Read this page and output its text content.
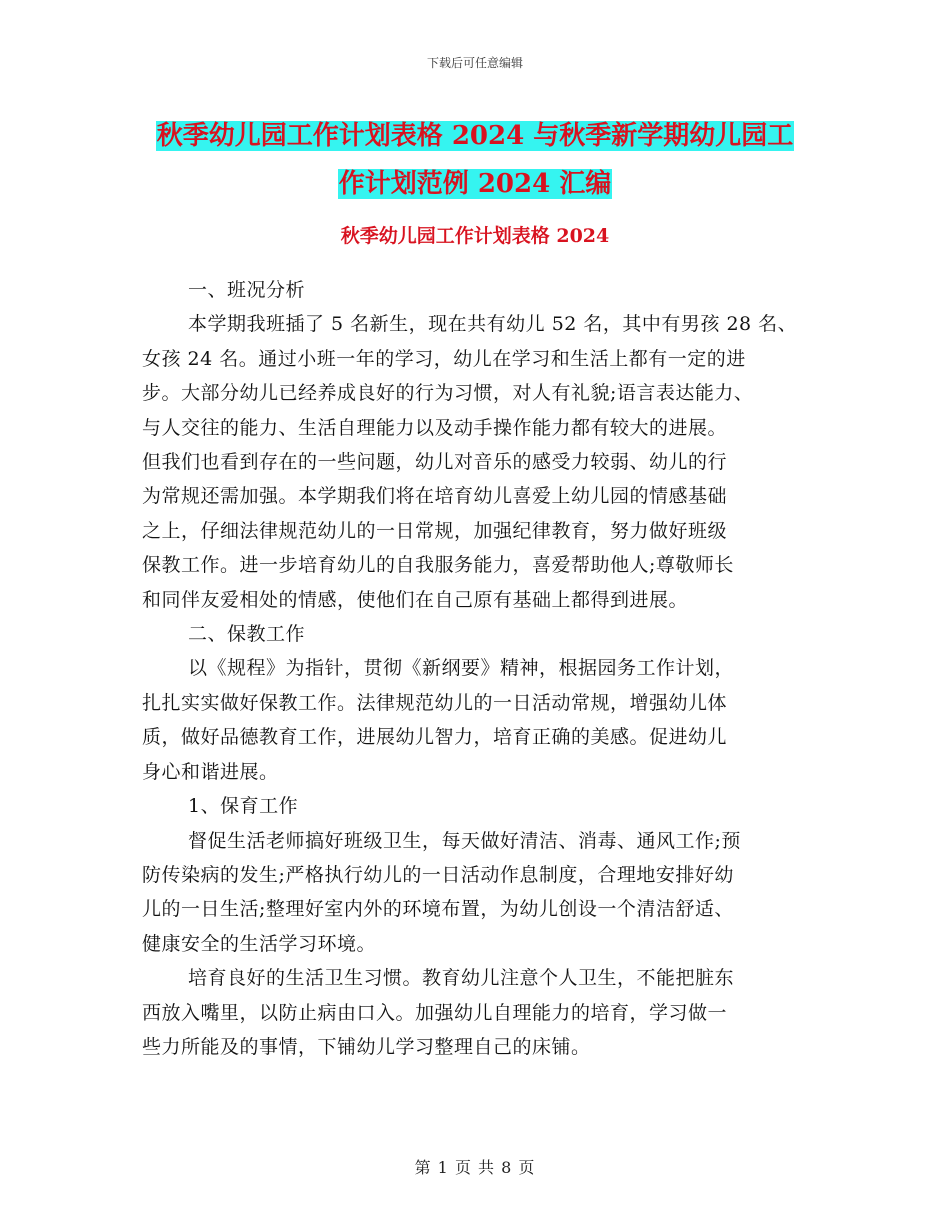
下载后可任意编辑
秋季幼儿园工作计划表格 2024 与秋季新学期幼儿园工
作计划范例 2024 汇编
秋季幼儿园工作计划表格 2024

一、班况分析

本学期我班插了 5 名新生，现在共有幼儿 52 名，其中有男孩 28 名、

女孩 24 名。通过小班一年的学习，幼儿在学习和生活上都有一定的进

步。大部分幼儿已经养成良好的行为习惯，对人有礼貌;语言表达能力、

与人交往的能力、生活自理能力以及动手操作能力都有较大的进展。

但我们也看到存在的一些问题，幼儿对音乐的感受力较弱、幼儿的行

为常规还需加强。本学期我们将在培育幼儿喜爱上幼儿园的情感基础

之上，仔细法律规范幼儿的一日常规，加强纪律教育，努力做好班级

保教工作。进一步培育幼儿的自我服务能力，喜爱帮助他人;尊敬师长

和同伴友爱相处的情感，使他们在自己原有基础上都得到进展。

二、保教工作

以《规程》为指针，贯彻《新纲要》精神，根据园务工作计划，

扎扎实实做好保教工作。法律规范幼儿的一日活动常规，增强幼儿体

质，做好品德教育工作，进展幼儿智力，培育正确的美感。促进幼儿

身心和谐进展。

1、保育工作

督促生活老师搞好班级卫生，每天做好清洁、消毒、通风工作;预

防传染病的发生;严格执行幼儿的一日活动作息制度，合理地安排好幼

儿的一日生活;整理好室内外的环境布置，为幼儿创设一个清洁舒适、

健康安全的生活学习环境。

培育良好的生活卫生习惯。教育幼儿注意个人卫生，不能把脏东

西放入嘴里，以防止病由口入。加强幼儿自理能力的培育，学习做一

些力所能及的事情，下铺幼儿学习整理自己的床铺。

第 1 页 共 8 页
